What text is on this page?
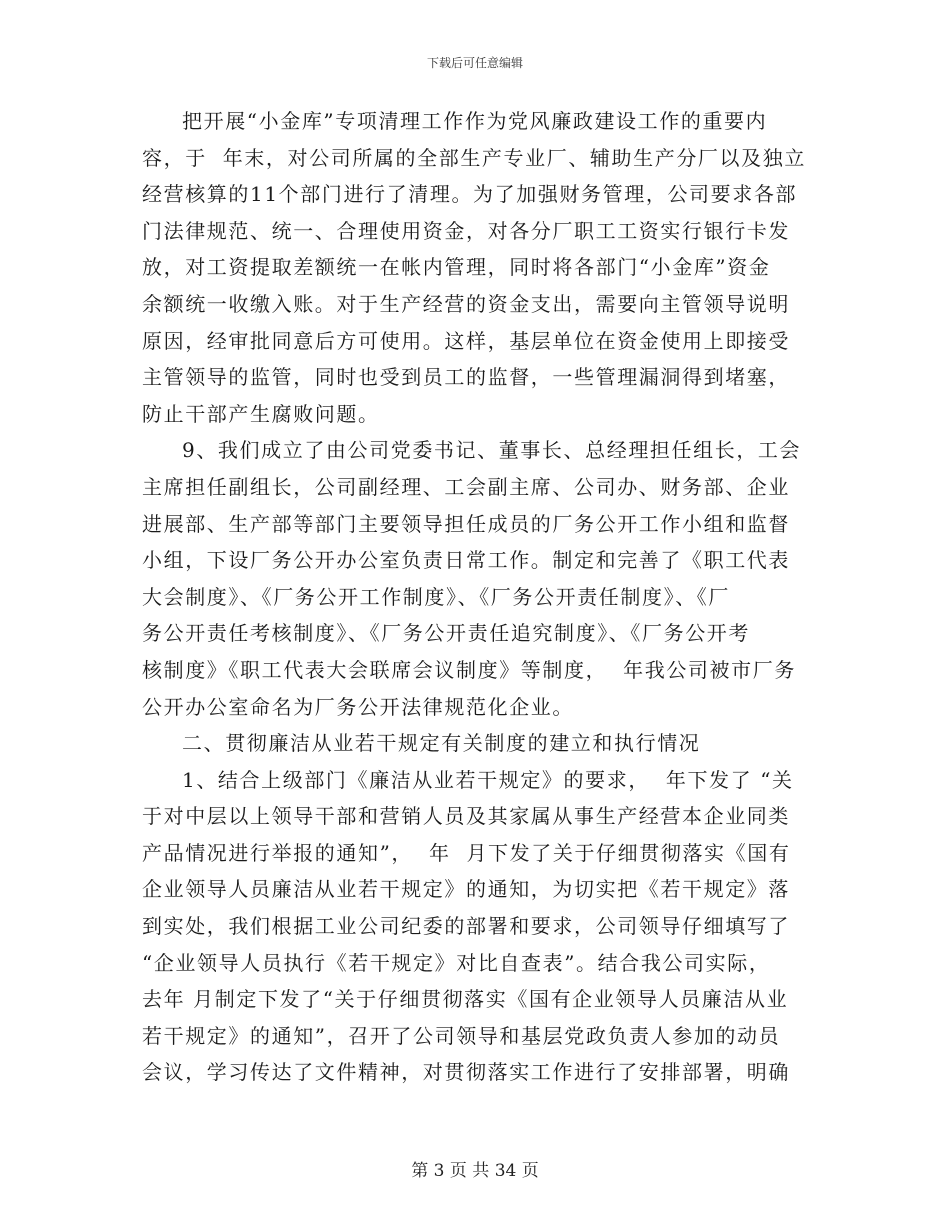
下载后可任意编辑
把开展“小金库”专项清理工作作为党风廉政建设工作的重要内
容，于  年末，对公司所属的全部生产专业厂、辅助生产分厂以及独立
经营核算的11个部门进行了清理。为了加强财务管理，公司要求各部
门法律规范、统一、合理使用资金，对各分厂职工工资实行银行卡发
放，对工资提取差额统一在帐内管理，同时将各部门“小金库”资金
余额统一收缴入账。对于生产经营的资金支出，需要向主管领导说明
原因，经审批同意后方可使用。这样，基层单位在资金使用上即接受
主管领导的监管，同时也受到员工的监督，一些管理漏洞得到堵塞，
防止干部产生腐败问题。
9、我们成立了由公司党委书记、董事长、总经理担任组长，工会
主席担任副组长，公司副经理、工会副主席、公司办、财务部、企业
进展部、生产部等部门主要领导担任成员的厂务公开工作小组和监督
小组，下设厂务公开办公室负责日常工作。制定和完善了《职工代表
大会制度》、《厂务公开工作制度》、《厂务公开责任制度》、《厂
务公开责任考核制度》、《厂务公开责任追究制度》、《厂务公开考
核制度》《职工代表大会联席会议制度》等制度，  年我公司被市厂务
公开办公室命名为厂务公开法律规范化企业。
二、贯彻廉洁从业若干规定有关制度的建立和执行情况
1、结合上级部门《廉洁从业若干规定》的要求，  年下发了 “关
于对中层以上领导干部和营销人员及其家属从事生产经营本企业同类
产品情况进行举报的通知”，  年  月下发了关于仔细贯彻落实《国有
企业领导人员廉洁从业若干规定》的通知，为切实把《若干规定》落
到实处，我们根据工业公司纪委的部署和要求，公司领导仔细填写了
“企业领导人员执行《若干规定》对比自查表”。结合我公司实际，
去年 月制定下发了“关于仔细贯彻落实《国有企业领导人员廉洁从业
若干规定》的通知”，召开了公司领导和基层党政负责人参加的动员
会议，学习传达了文件精神，对贯彻落实工作进行了安排部署，明确
第 3 页 共 34 页
